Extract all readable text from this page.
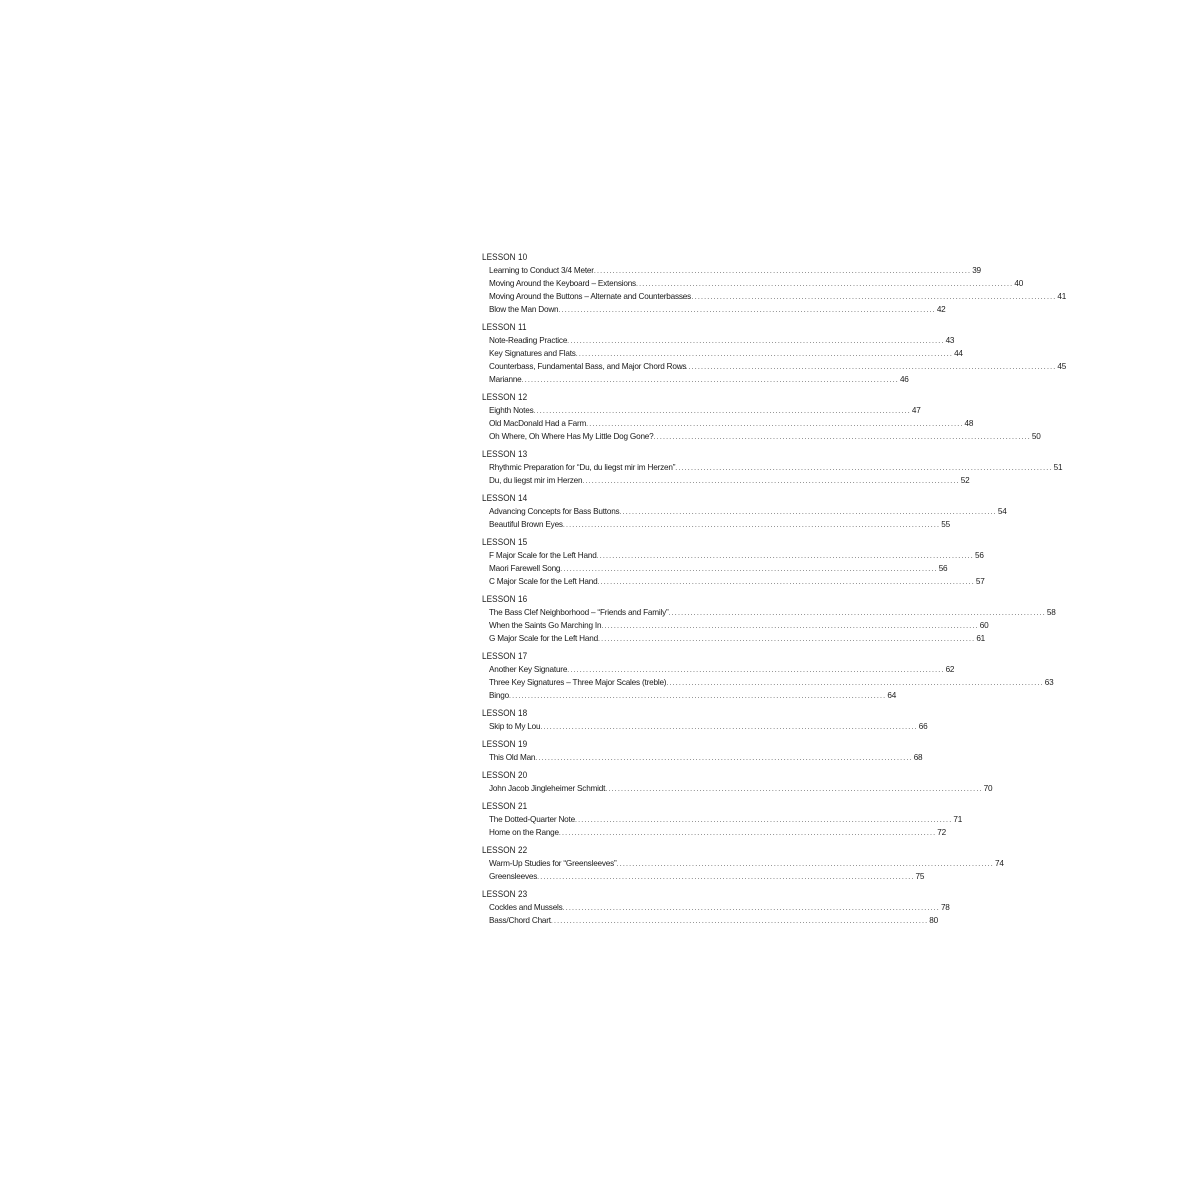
LESSON 10
Learning to Conduct 3/4 Meter ........................................................................................................................ 39
Moving Around the Keyboard – Extensions ........................................................................................................................ 40
Moving Around the Buttons – Alternate and Counterbasses
........................................................................................................................ 41
Blow the Man Down ........................................................................................................................ 42
LESSON 11
Note-Reading Practice ........................................................................................................................ 43
Key Signatures and Flats ........................................................................................................................ 44
Counterbass, Fundamental Bass, and Major Chord Rows
........................................................................................................................ 45
Marianne ........................................................................................................................ 46
LESSON 12
Eighth Notes ........................................................................................................................ 47
Old MacDonald Had a Farm ........................................................................................................................ 48
Oh Where, Oh Where Has My Little Dog Gone? ........................................................................................................................ 50
LESSON 13
Rhythmic Preparation for “Du, du liegst mir im Herzen” ........................................................................................................................ 51
Du, du liegst mir im Herzen ........................................................................................................................ 52
LESSON 14
Advancing Concepts for Bass Buttons ........................................................................................................................ 54
Beautiful Brown Eyes ........................................................................................................................ 55
LESSON 15
F Major Scale for the Left Hand ........................................................................................................................ 56
Maori Farewell Song ........................................................................................................................ 56
C Major Scale for the Left Hand ........................................................................................................................ 57
LESSON 16
The Bass Clef Neighborhood – “Friends and Family” ........................................................................................................................ 58
When the Saints Go Marching In ........................................................................................................................ 60
G Major Scale for the Left Hand ........................................................................................................................ 61
LESSON 17
Another Key Signature ........................................................................................................................ 62
Three Key Signatures – Three Major Scales (treble) ........................................................................................................................ 63
Bingo ........................................................................................................................ 64
LESSON 18
Skip to My Lou ........................................................................................................................ 66
LESSON 19
This Old Man ........................................................................................................................ 68
LESSON 20
John Jacob Jingleheimer Schmidt ........................................................................................................................ 70
LESSON 21
The Dotted-Quarter Note ........................................................................................................................ 71
Home on the Range ........................................................................................................................ 72
LESSON 22
Warm-Up Studies for “Greensleeves” ........................................................................................................................ 74
Greensleeves ........................................................................................................................ 75
LESSON 23
Cockles and Mussels ........................................................................................................................ 78
Bass/Chord Chart ........................................................................................................................ 80
